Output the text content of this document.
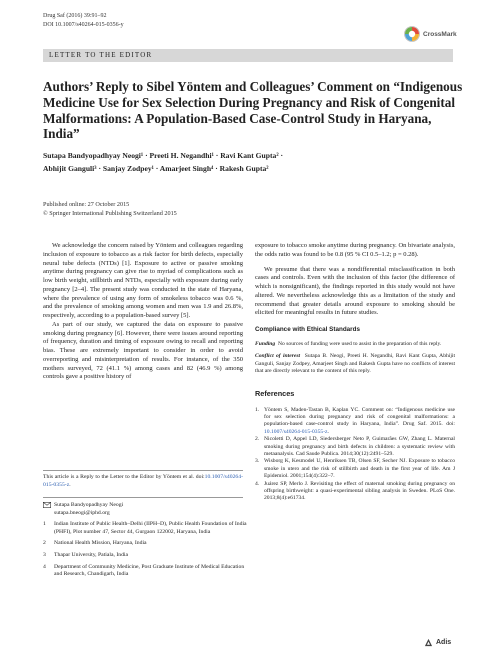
Drug Saf (2016) 39:91–92
DOI 10.1007/s40264-015-0356-y
CrossMark
LETTER TO THE EDITOR
Authors’ Reply to Sibel Yöntem and Colleagues’ Comment on “Indigenous Medicine Use for Sex Selection During Pregnancy and Risk of Congenital Malformations: A Population-Based Case-Control Study in Haryana, India”
Sutapa Bandyopadhyay Neogi¹ · Preeti H. Negandhi¹ · Ravi Kant Gupta² ·
Abhijit Ganguli³ · Sanjay Zodpey¹ · Amarjeet Singh⁴ · Rakesh Gupta²
Published online: 27 October 2015
© Springer International Publishing Switzerland 2015

We acknowledge the concern raised by Yöntem and colleagues regarding inclusion of exposure to tobacco as a risk factor for birth defects, especially neural tube defects (NTDs) [1]. Exposure to active or passive smoking anytime during pregnancy can give rise to myriad of complications such as low birth weight, stillbirth and NTDs, especially with exposure during early pregnancy [2–4]. The present study was conducted in the state of Haryana, where the prevalence of using any form of smokeless tobacco was 0.6 %, and the prevalence of smoking among women and men was 1.9 and 26.8%, respectively, according to a population-based survey [5].

As part of our study, we captured the data on exposure to passive smoking during pregnancy [6]. However, there were issues around reporting of frequency, duration and timing of exposure owing to recall and reporting bias. These are extremely important to consider in order to avoid overreporting and misinterpretation of results. For instance, of the 350 mothers surveyed, 72 (41.1 %) among cases and 82 (46.9 %) among controls gave a positive history of

exposure to tobacco smoke anytime during pregnancy. On bivariate analysis, the odds ratio was found to be 0.8 (95 % CI 0.5–1.2; p = 0.28).

We presume that there was a nondifferential misclassification in both cases and controls. Even with the inclusion of this factor (the difference of which is nonsignificant), the findings reported in this study would not have altered. We nevertheless acknowledge this as a limitation of the study and recommend that greater details around exposure to smoking should be elicited for meaningful results in future studies.

Compliance with Ethical Standards

Funding No sources of funding were used to assist in the preparation of this reply.

Conflict of interest Sutapa B. Neogi, Preeti H. Negandhi, Ravi Kant Gupta, Abhijit Ganguli, Sanjay Zodpey, Amarjeet Singh and Rakesh Gupta have no conflicts of interest that are directly relevant to the content of this reply.

References
1. Yöntem S, Maden-Tastan B, Kaplan YC. Comment on: “Indigenous medicine use for sex selection during pregnancy and risk of congenital malformations: a population-based case-control study in Haryana, India”. Drug Saf. 2015. doi: 10.1007/s40264-015-0355-z.
2. Nicoletti D, Appel LD, Siedersberger Neto P, Guimarães GW, Zhang L. Maternal smoking during pregnancy and birth defects in children: a systematic review with metaanalysis. Cad Saude Publica. 2014;30(12):2491–529.
3. Wisborg K, Kesmodel U, Henriksen TB, Olsen SF, Secher NJ. Exposure to tobacco smoke in utero and the risk of stillbirth and death in the first year of life. Am J Epidemiol. 2001;154(4):322–7.
4. Juárez SP, Merlo J. Revisiting the effect of maternal smoking during pregnancy on offspring birthweight: a quasi-experimental sibling analysis in Sweden. PLoS One. 2013;8(4):e61734.
This article is a Reply to the Letter to the Editor by Yöntem et al. doi:10.1007/s40264-015-0355-z.
Sutapa Bandyopadhyay Neogi
sutapa.bneogi@iphd.org
1	Indian Institute of Public Health–Delhi (IIPH–D), Public Health Foundation of India (PHFI), Plot number 47, Sector 44, Gurgaon 122002, Haryana, India
2	National Health Mission, Haryana, India
3	Thapar University, Patiala, India
4	Department of Community Medicine, Post Graduate Institute of Medical Education and Research, Chandigarh, India
Adis
